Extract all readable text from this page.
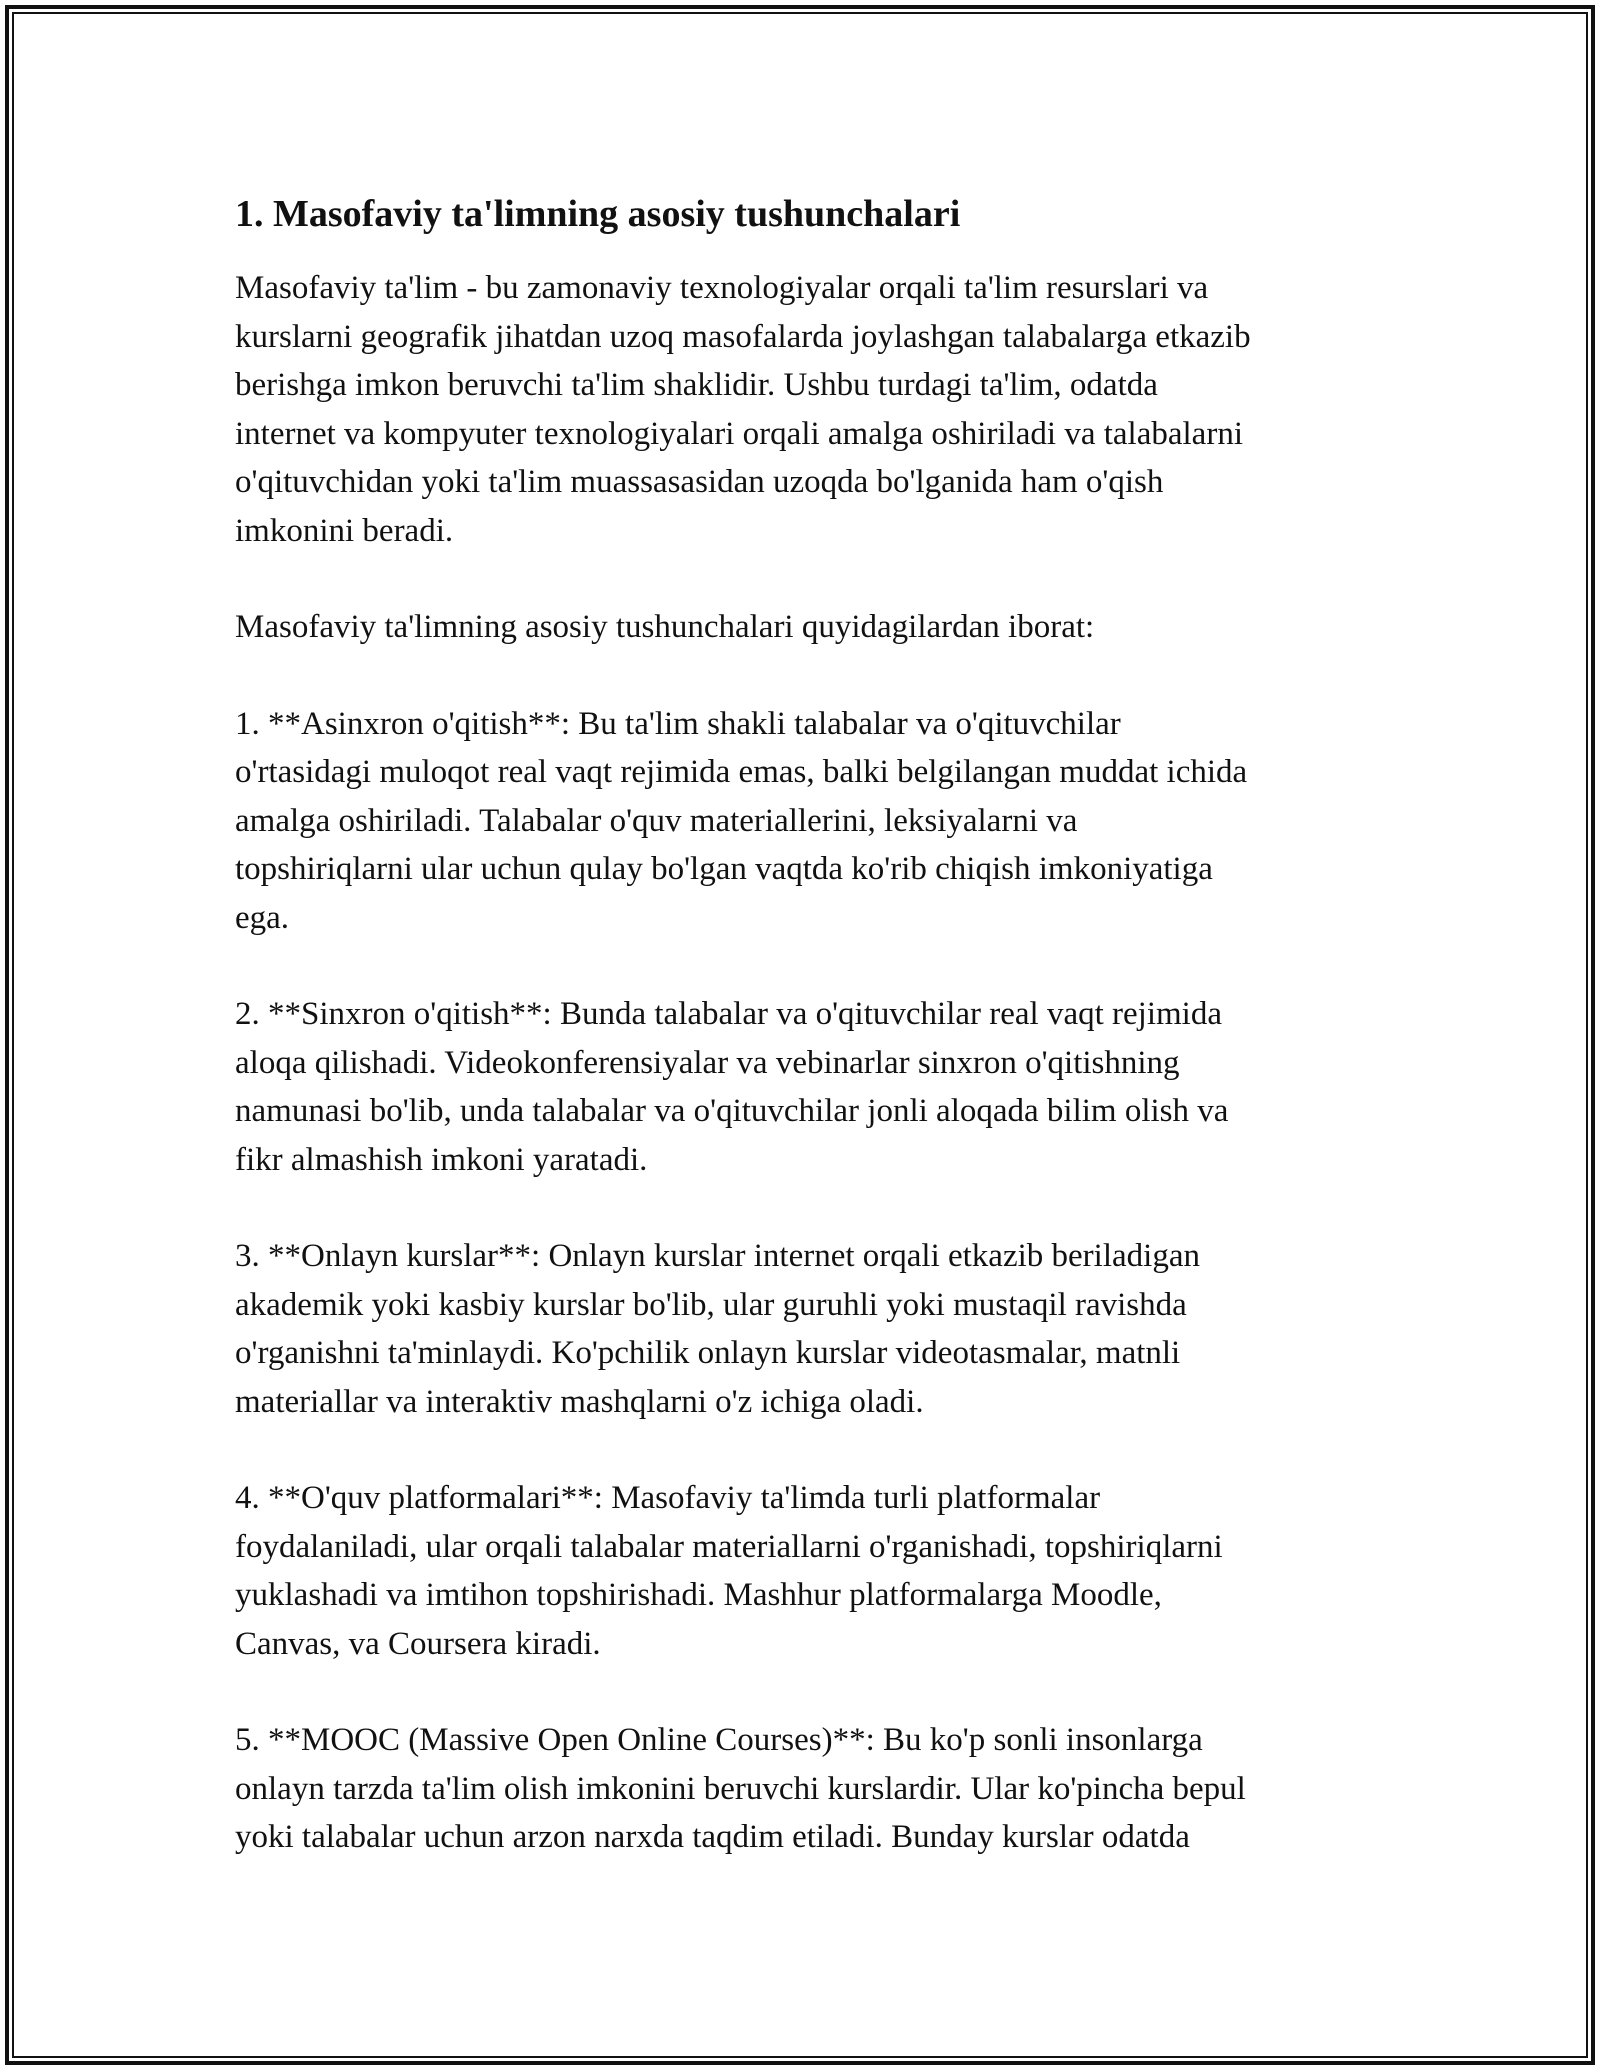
1. Masofaviy ta'limning asosiy tushunchalari

Masofaviy ta'lim - bu zamonaviy texnologiyalar orqali ta'lim resurslari va
kurslarni geografik jihatdan uzoq masofalarda joylashgan talabalarga etkazib
berishga imkon beruvchi ta'lim shaklidir. Ushbu turdagi ta'lim, odatda
internet va kompyuter texnologiyalari orqali amalga oshiriladi va talabalarni
o'qituvchidan yoki ta'lim muassasasidan uzoqda bo'lganida ham o'qish
imkonini beradi.

Masofaviy ta'limning asosiy tushunchalari quyidagilardan iborat:

1. **Asinxron o'qitish**: Bu ta'lim shakli talabalar va o'qituvchilar
o'rtasidagi muloqot real vaqt rejimida emas, balki belgilangan muddat ichida
amalga oshiriladi. Talabalar o'quv materiallerini, leksiyalarni va
topshiriqlarni ular uchun qulay bo'lgan vaqtda ko'rib chiqish imkoniyatiga
ega.

2. **Sinxron o'qitish**: Bunda talabalar va o'qituvchilar real vaqt rejimida
aloqa qilishadi. Videokonferensiyalar va vebinarlar sinxron o'qitishning
namunasi bo'lib, unda talabalar va o'qituvchilar jonli aloqada bilim olish va
fikr almashish imkoni yaratadi.

3. **Onlayn kurslar**: Onlayn kurslar internet orqali etkazib beriladigan
akademik yoki kasbiy kurslar bo'lib, ular guruhli yoki mustaqil ravishda
o'rganishni ta'minlaydi. Ko'pchilik onlayn kurslar videotasmalar, matnli
materiallar va interaktiv mashqlarni o'z ichiga oladi.

4. **O'quv platformalari**: Masofaviy ta'limda turli platformalar
foydalaniladi, ular orqali talabalar materiallarni o'rganishadi, topshiriqlarni
yuklashadi va imtihon topshirishadi. Mashhur platformalarga Moodle,
Canvas, va Coursera kiradi.

5. **MOOC (Massive Open Online Courses)**: Bu ko'p sonli insonlarga
onlayn tarzda ta'lim olish imkonini beruvchi kurslardir. Ular ko'pincha bepul
yoki talabalar uchun arzon narxda taqdim etiladi. Bunday kurslar odatda
